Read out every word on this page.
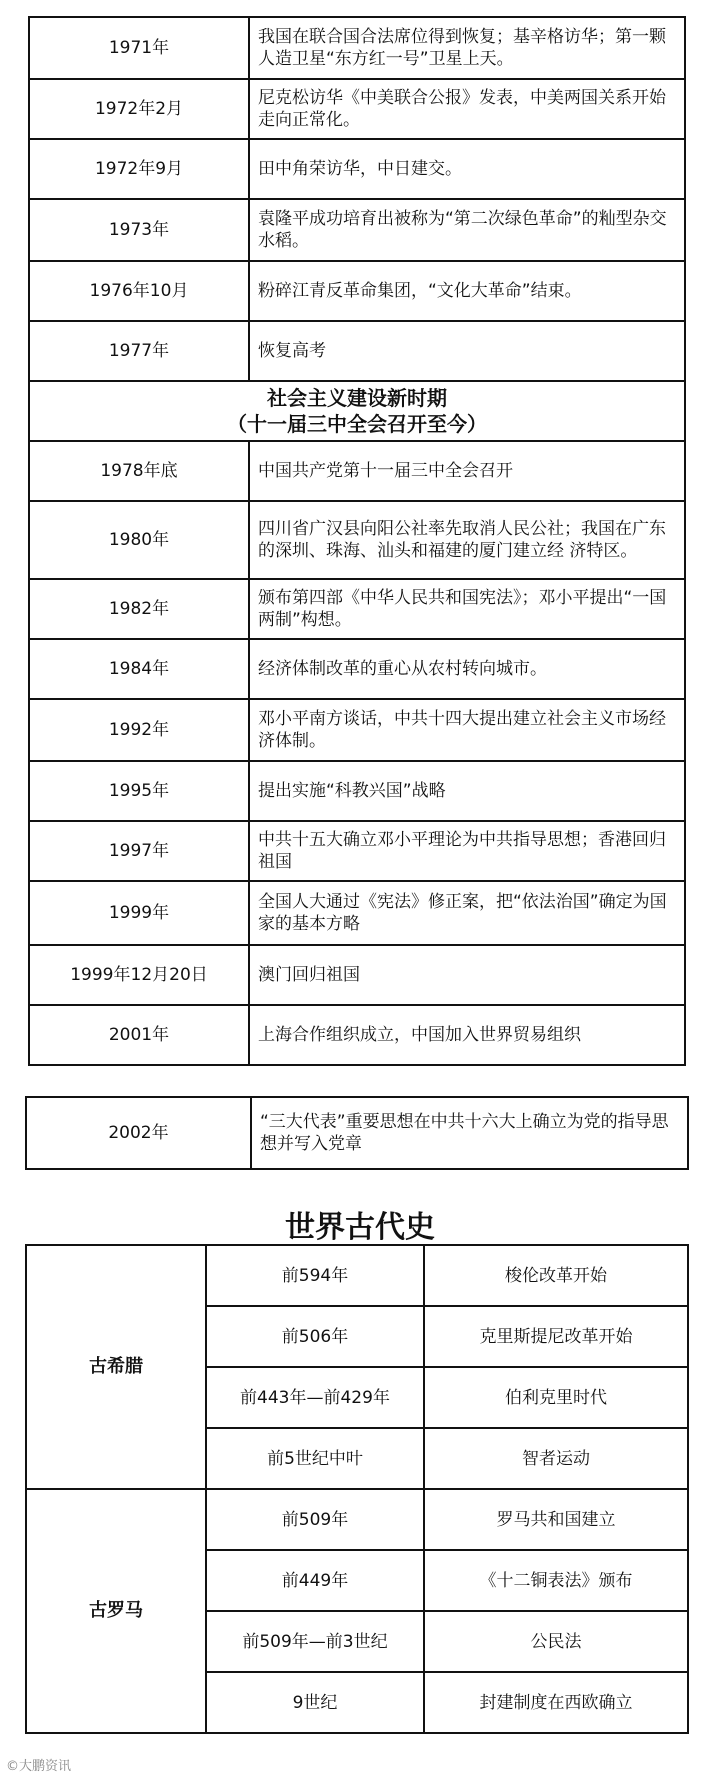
1971年	我国在联合国合法席位得到恢复；基辛格访华；第一颗人造卫星“东方红一号”卫星上天。
1972年2月	尼克松访华《中美联合公报》发表，中美两国关系开始走向正常化。
1972年9月	田中角荣访华，中日建交。
1973年	袁隆平成功培育出被称为“第二次绿色革命”的籼型杂交水稻。
1976年10月	粉碎江青反革命集团，“文化大革命”结束。
1977年	恢复高考

社会主义建设新时期
（十一届三中全会召开至今）	

1978年底	中国共产党第十一届三中全会召开
1980年	四川省广汉县向阳公社率先取消人民公社；我国在广东的深圳、珠海、汕头和福建的厦门建立经 济特区。
1982年	颁布第四部《中华人民共和国宪法》；邓小平提出“一国两制”构想。
1984年	经济体制改革的重心从农村转向城市。
1992年	邓小平南方谈话，中共十四大提出建立社会主义市场经济体制。
1995年	提出实施“科教兴国”战略
1997年	中共十五大确立邓小平理论为中共指导思想；香港回归祖国
1999年	全国人大通过《宪法》修正案，把“依法治国”确定为国家的基本方略
1999年12月20日	澳门回归祖国
2001年	上海合作组织成立，中国加入世界贸易组织
2002年	“三大代表”重要思想在中共十六大上确立为党的指导思想并写入党章
世界古代史
古希腊	前594年	梭伦改革开始
	前506年	克里斯提尼改革开始
	前443年—前429年	伯利克里时代
	前5世纪中叶	智者运动
古罗马	前509年	罗马共和国建立
	前449年	《十二铜表法》颁布
	前509年—前3世纪	公民法
	9世纪	封建制度在西欧确立
©大鹏资讯
